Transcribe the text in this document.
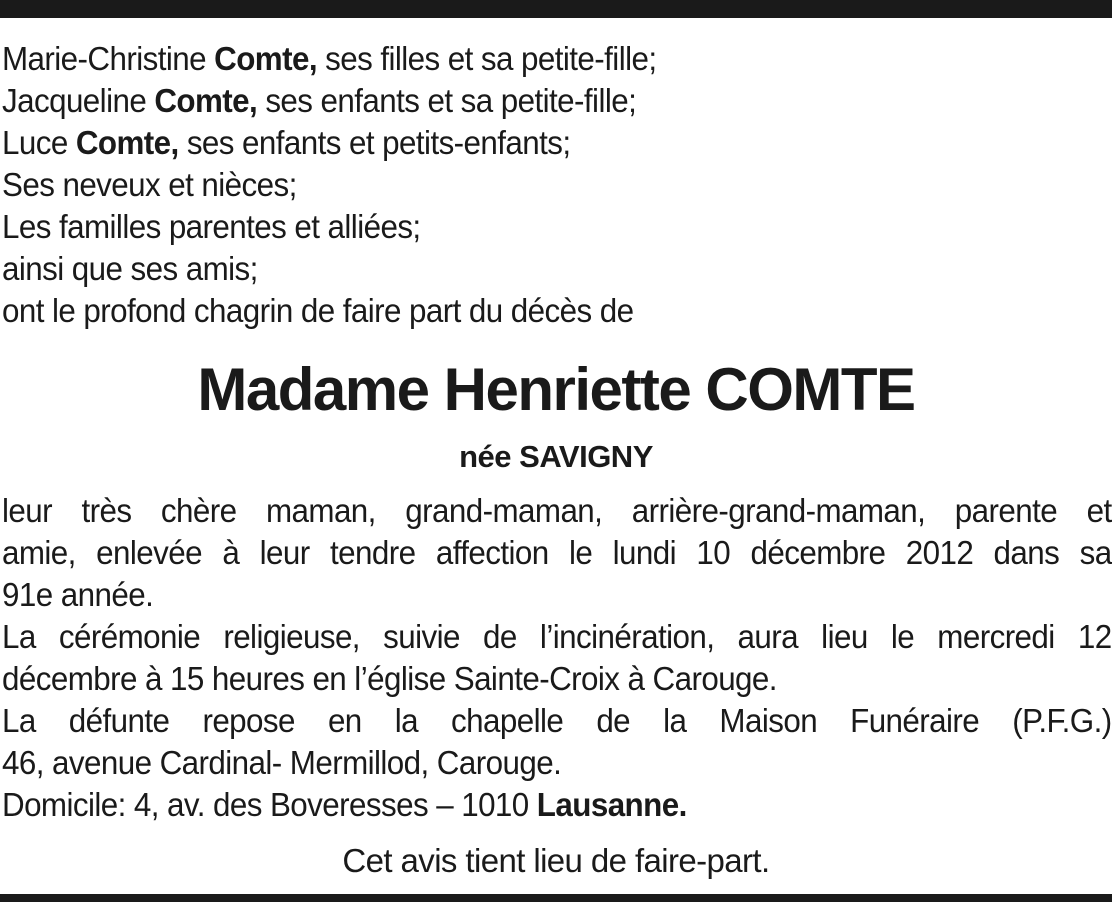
Marie-Christine Comte, ses filles et sa petite-fille;
Jacqueline Comte, ses enfants et sa petite-fille;
Luce Comte, ses enfants et petits-enfants;
Ses neveux et nièces;
Les familles parentes et alliées;
ainsi que ses amis;
ont le profond chagrin de faire part du décès de
Madame Henriette COMTE
née SAVIGNY
leur très chère maman, grand-maman, arrière-grand-maman, parente et
amie, enlevée à leur tendre affection le lundi 10 décembre 2012 dans sa
91e année.
La cérémonie religieuse, suivie de l’incinération, aura lieu le mercredi 12
décembre à 15 heures en l’église Sainte-Croix à Carouge.
La défunte repose en la chapelle de la Maison Funéraire (P.F.G.)
46, avenue Cardinal- Mermillod, Carouge.
Domicile: 4, av. des Boveresses – 1010 Lausanne.
Cet avis tient lieu de faire-part.
